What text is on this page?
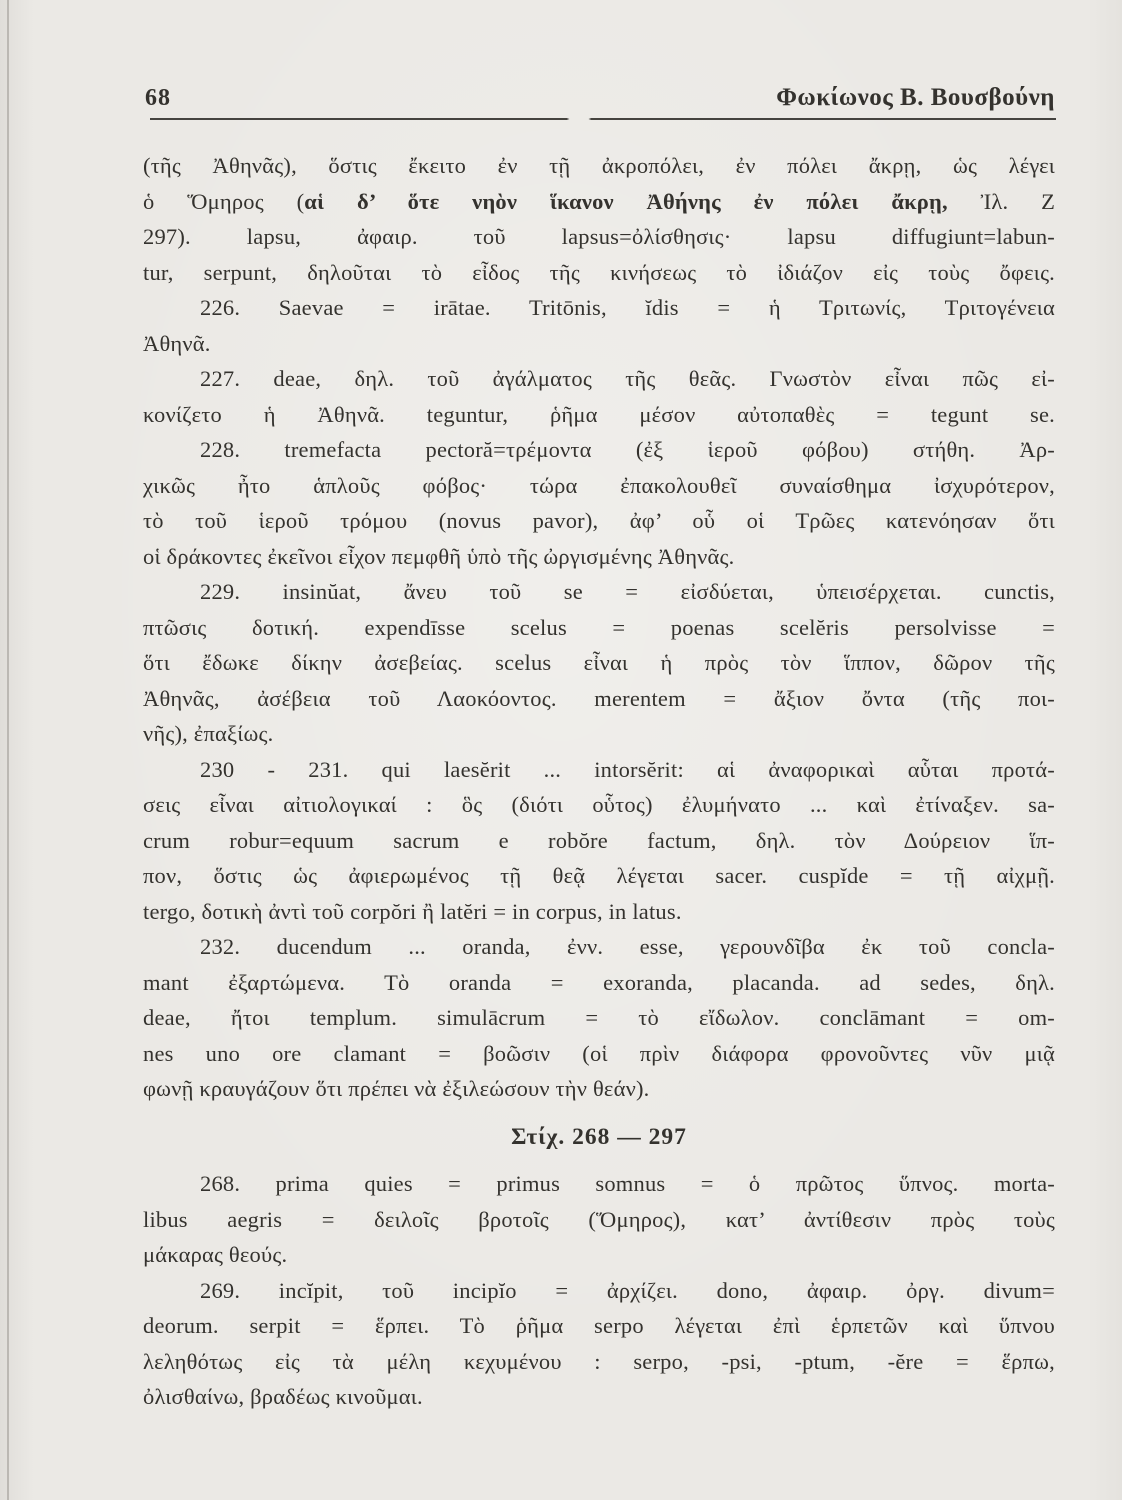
68	Φωκίωνος Β. Βουσβούνη
(τῆς Ἀθηνᾶς), ὅστις ἔκειτο ἐν τῇ ἀκροπόλει, ἐν πόλει ἄκρῃ, ὡς λέγει
ὁ Ὅμηρος (αἱ δ’ ὅτε νηὸν ἵκανον Ἀθήνης ἐν πόλει ἄκρῃ, Ἰλ. Ζ
297). lapsu, ἀφαιρ. τοῦ lapsus=ὀλίσθησις· lapsu diffugiunt=labun-
tur, serpunt, δηλοῦται τὸ εἶδος τῆς κινήσεως τὸ ἰδιάζον εἰς τοὺς ὄφεις.
226. Saevae = irātae. Tritōnis, ĭdis = ἡ Τριτωνίς, Τριτογένεια
Ἀθηνᾶ.
227. deae, δηλ. τοῦ ἀγάλματος τῆς θεᾶς. Γνωστὸν εἶναι πῶς εἰ-
κονίζετο ἡ Ἀθηνᾶ. teguntur, ῥῆμα μέσον αὐτοπαθὲς = tegunt se.
228. tremefacta pectoră=τρέμοντα (ἐξ ἱεροῦ φόβου) στήθη. Ἀρ-
χικῶς ἦτο ἁπλοῦς φόβος· τώρα ἐπακολουθεῖ συναίσθημα ἰσχυρότερον,
τὸ τοῦ ἱεροῦ τρόμου (novus pavor), ἀφ’ οὗ οἱ Τρῶες κατενόησαν ὅτι
οἱ δράκοντες ἐκεῖνοι εἶχον πεμφθῆ ὑπὸ τῆς ὠργισμένης Ἀθηνᾶς.
229. insinŭat, ἄνευ τοῦ se = εἰσδύεται, ὑπεισέρχεται. cunctis,
πτῶσις δοτική. expendīsse scelus = poenas scelĕris persolvisse =
ὅτι ἔδωκε δίκην ἀσεβείας. scelus εἶναι ἡ πρὸς τὸν ἵππον, δῶρον τῆς
Ἀθηνᾶς, ἀσέβεια τοῦ Λαοκόοντος. merentem = ἄξιον ὄντα (τῆς ποι-
νῆς), ἐπαξίως.
230 - 231. qui laesĕrit ... intorsĕrit: αἱ ἀναφορικαὶ αὗται προτά-
σεις εἶναι αἰτιολογικαί : ὃς (διότι οὗτος) ἐλυμήνατο ... καὶ ἐτίναξεν. sa-
crum robur=equum sacrum e robŏre factum, δηλ. τὸν Δούρειον ἵπ-
πον, ὅστις ὡς ἀφιερωμένος τῇ θεᾷ λέγεται sacer. cuspĭde = τῇ αἰχμῇ.
tergo, δοτικὴ ἀντὶ τοῦ corpŏri ἢ latĕri = in corpus, in latus.
232. ducendum ... oranda, ἐνν. esse, γερουνδῖβα ἐκ τοῦ concla-
mant ἐξαρτώμενα. Τὸ oranda = exoranda, placanda. ad sedes, δηλ.
deae, ἤτοι templum. simulācrum = τὸ εἴδωλον. conclāmant = om-
nes uno ore clamant = βοῶσιν (οἱ πρὶν διάφορα φρονοῦντες νῦν μιᾷ
φωνῇ κραυγάζουν ὅτι πρέπει νὰ ἐξιλεώσουν τὴν θεάν).
Στίχ. 268 — 297
268. prima quies = primus somnus = ὁ πρῶτος ὕπνος. morta-
libus aegris = δειλοῖς βροτοῖς (Ὅμηρος), κατ’ ἀντίθεσιν πρὸς τοὺς
μάκαρας θεούς.
269. incĭpit, τοῦ incipĭo = ἀρχίζει. dono, ἀφαιρ. ὀργ. divum=
deorum. serpit = ἕρπει. Τὸ ῥῆμα serpo λέγεται ἐπὶ ἑρπετῶν καὶ ὕπνου
λεληθότως εἰς τὰ μέλη κεχυμένου : serpo, -psi, -ptum, -ĕre = ἕρπω,
ὀλισθαίνω, βραδέως κινοῦμαι.
